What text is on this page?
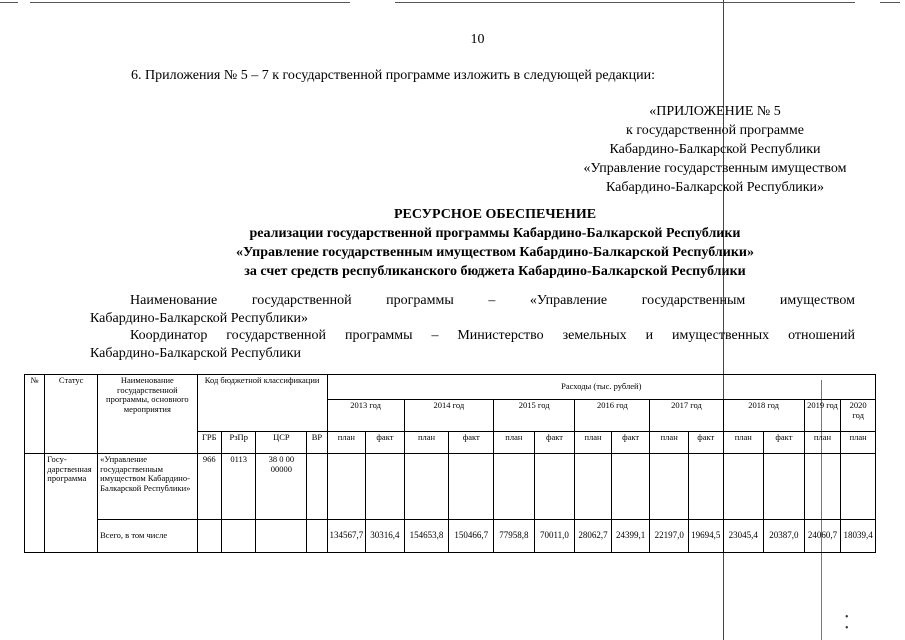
10
6. Приложения № 5 – 7 к государственной программе изложить в следующей редакции:
«ПРИЛОЖЕНИЕ № 5
к государственной программе
Кабардино-Балкарской Республики
«Управление государственным имуществом
Кабардино-Балкарской Республики»
РЕСУРСНОЕ ОБЕСПЕЧЕНИЕ
реализации государственной программы Кабардино-Балкарской Республики
«Управление государственным имуществом Кабардино-Балкарской Республики»
за счет средств республиканского бюджета Кабардино-Балкарской Республики
Наименование государственной программы – «Управление государственным имуществом
Кабардино-Балкарской Республики»
Координатор государственной программы – Министерство земельных и имущественных отношений
Кабардино-Балкарской Республики
№	Статус	Наименование государственной программы, основного мероприятия	Код бюджетной классификации				Расходы (тыс. рублей)													
							2013 год		2014 год		2015 год		2016 год		2017 год		2018 год		2019 год	2020 год
			ГРБ	РзПр	ЦСР	ВР	план	факт	план	факт	план	факт	план	факт	план	факт	план	факт	план	план
	Госу-дарственная программа	«Управление государственным имуществом Кабардино-Балкарской Республики»	966	0113	38 0 00 00000															
		Всего, в том числе					134567,7	30316,4	154653,8	150466,7	77958,8	70011,0	28062,7	24399,1	22197,0	19694,5	23045,4	20387,0	24060,7	18039,4
• •
